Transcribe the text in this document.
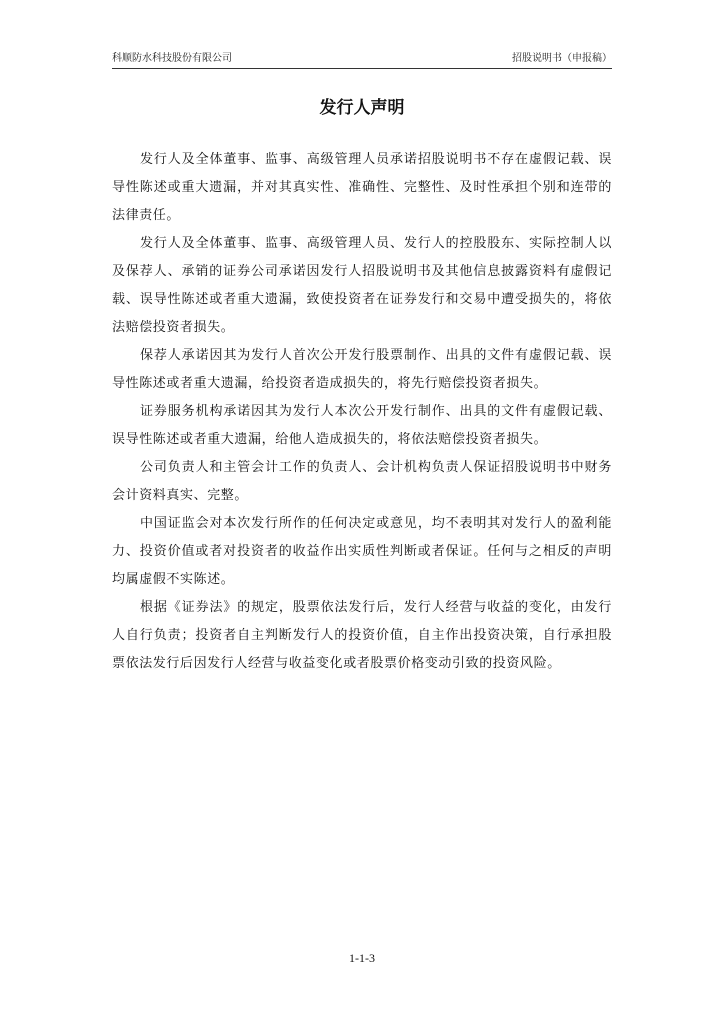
科顺防水科技股份有限公司	招股说明书（申报稿）
发行人声明

发行人及全体董事、监事、高级管理人员承诺招股说明书不存在虚假记载、误导性陈述或重大遗漏，并对其真实性、准确性、完整性、及时性承担个别和连带的法律责任。

发行人及全体董事、监事、高级管理人员、发行人的控股股东、实际控制人以及保荐人、承销的证券公司承诺因发行人招股说明书及其他信息披露资料有虚假记载、误导性陈述或者重大遗漏，致使投资者在证券发行和交易中遭受损失的，将依法赔偿投资者损失。

保荐人承诺因其为发行人首次公开发行股票制作、出具的文件有虚假记载、误导性陈述或者重大遗漏，给投资者造成损失的，将先行赔偿投资者损失。

证券服务机构承诺因其为发行人本次公开发行制作、出具的文件有虚假记载、误导性陈述或者重大遗漏，给他人造成损失的，将依法赔偿投资者损失。

公司负责人和主管会计工作的负责人、会计机构负责人保证招股说明书中财务会计资料真实、完整。

中国证监会对本次发行所作的任何决定或意见，均不表明其对发行人的盈利能力、投资价值或者对投资者的收益作出实质性判断或者保证。任何与之相反的声明均属虚假不实陈述。

根据《证券法》的规定，股票依法发行后，发行人经营与收益的变化，由发行人自行负责；投资者自主判断发行人的投资价值，自主作出投资决策，自行承担股票依法发行后因发行人经营与收益变化或者股票价格变动引致的投资风险。

1-1-3
